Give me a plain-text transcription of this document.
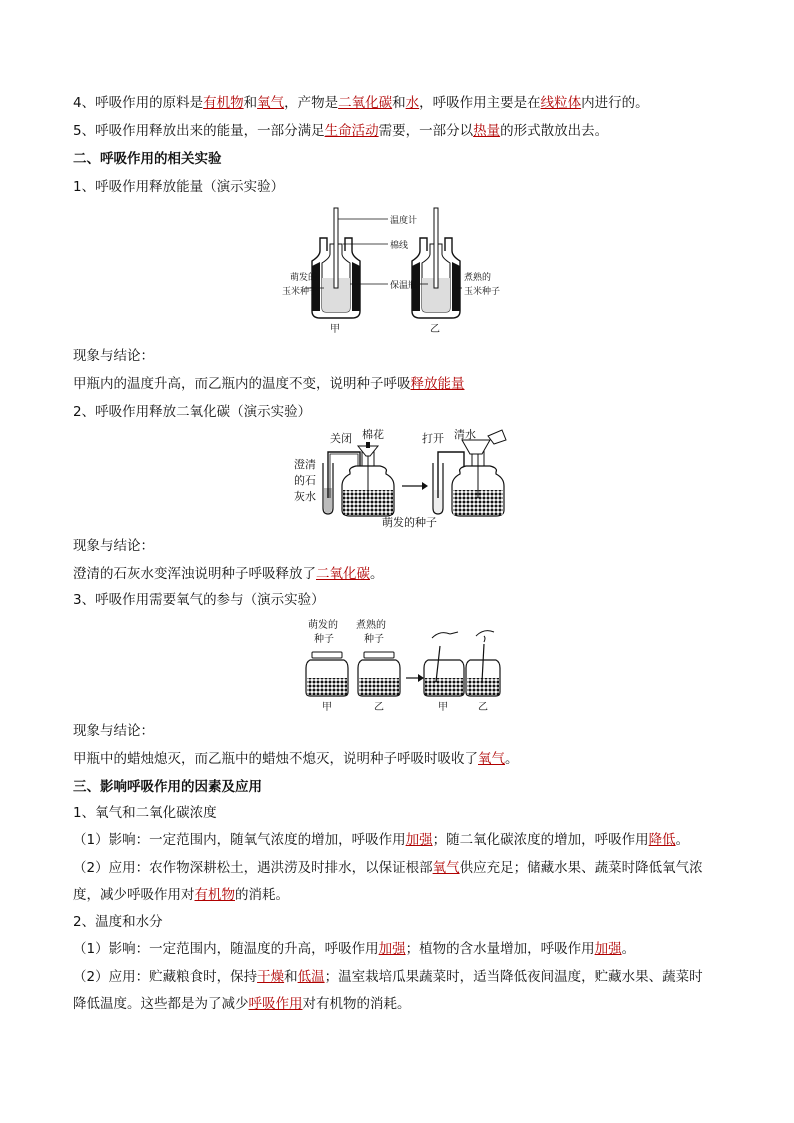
4、呼吸作用的原料是有机物和氧气，产物是二氧化碳和水，呼吸作用主要是在线粒体内进行的。
5、呼吸作用释放出来的能量，一部分满足生命活动需要，一部分以热量的形式散放出去。
二、呼吸作用的相关实验
1、呼吸作用释放能量（演示实验）
温度计
棉线
保温瓶
萌发的
玉米种子
煮熟的
玉米种子
甲	乙
现象与结论：
甲瓶内的温度升高，而乙瓶内的温度不变，说明种子呼吸释放能量
2、呼吸作用释放二氧化碳（演示实验）
关闭 棉花	打开 清水
澄清
的石
灰水
萌发的种子
现象与结论：
澄清的石灰水变浑浊说明种子呼吸释放了二氧化碳。
3、呼吸作用需要氧气的参与（演示实验）
萌发的
种子
煮熟的
种子
甲	乙	甲	乙
现象与结论：
甲瓶中的蜡烛熄灭，而乙瓶中的蜡烛不熄灭，说明种子呼吸时吸收了氧气。
三、影响呼吸作用的因素及应用
1、氧气和二氧化碳浓度
（1）影响：一定范围内，随氧气浓度的增加，呼吸作用加强；随二氧化碳浓度的增加，呼吸作用降低。
（2）应用：农作物深耕松土，遇洪涝及时排水，以保证根部氧气供应充足；储藏水果、蔬菜时降低氧气浓
度，减少呼吸作用对有机物的消耗。
2、温度和水分
（1）影响：一定范围内，随温度的升高，呼吸作用加强；植物的含水量增加，呼吸作用加强。
（2）应用：贮藏粮食时，保持干燥和低温；温室栽培瓜果蔬菜时，适当降低夜间温度，贮藏水果、蔬菜时
降低温度。这些都是为了减少呼吸作用对有机物的消耗。
